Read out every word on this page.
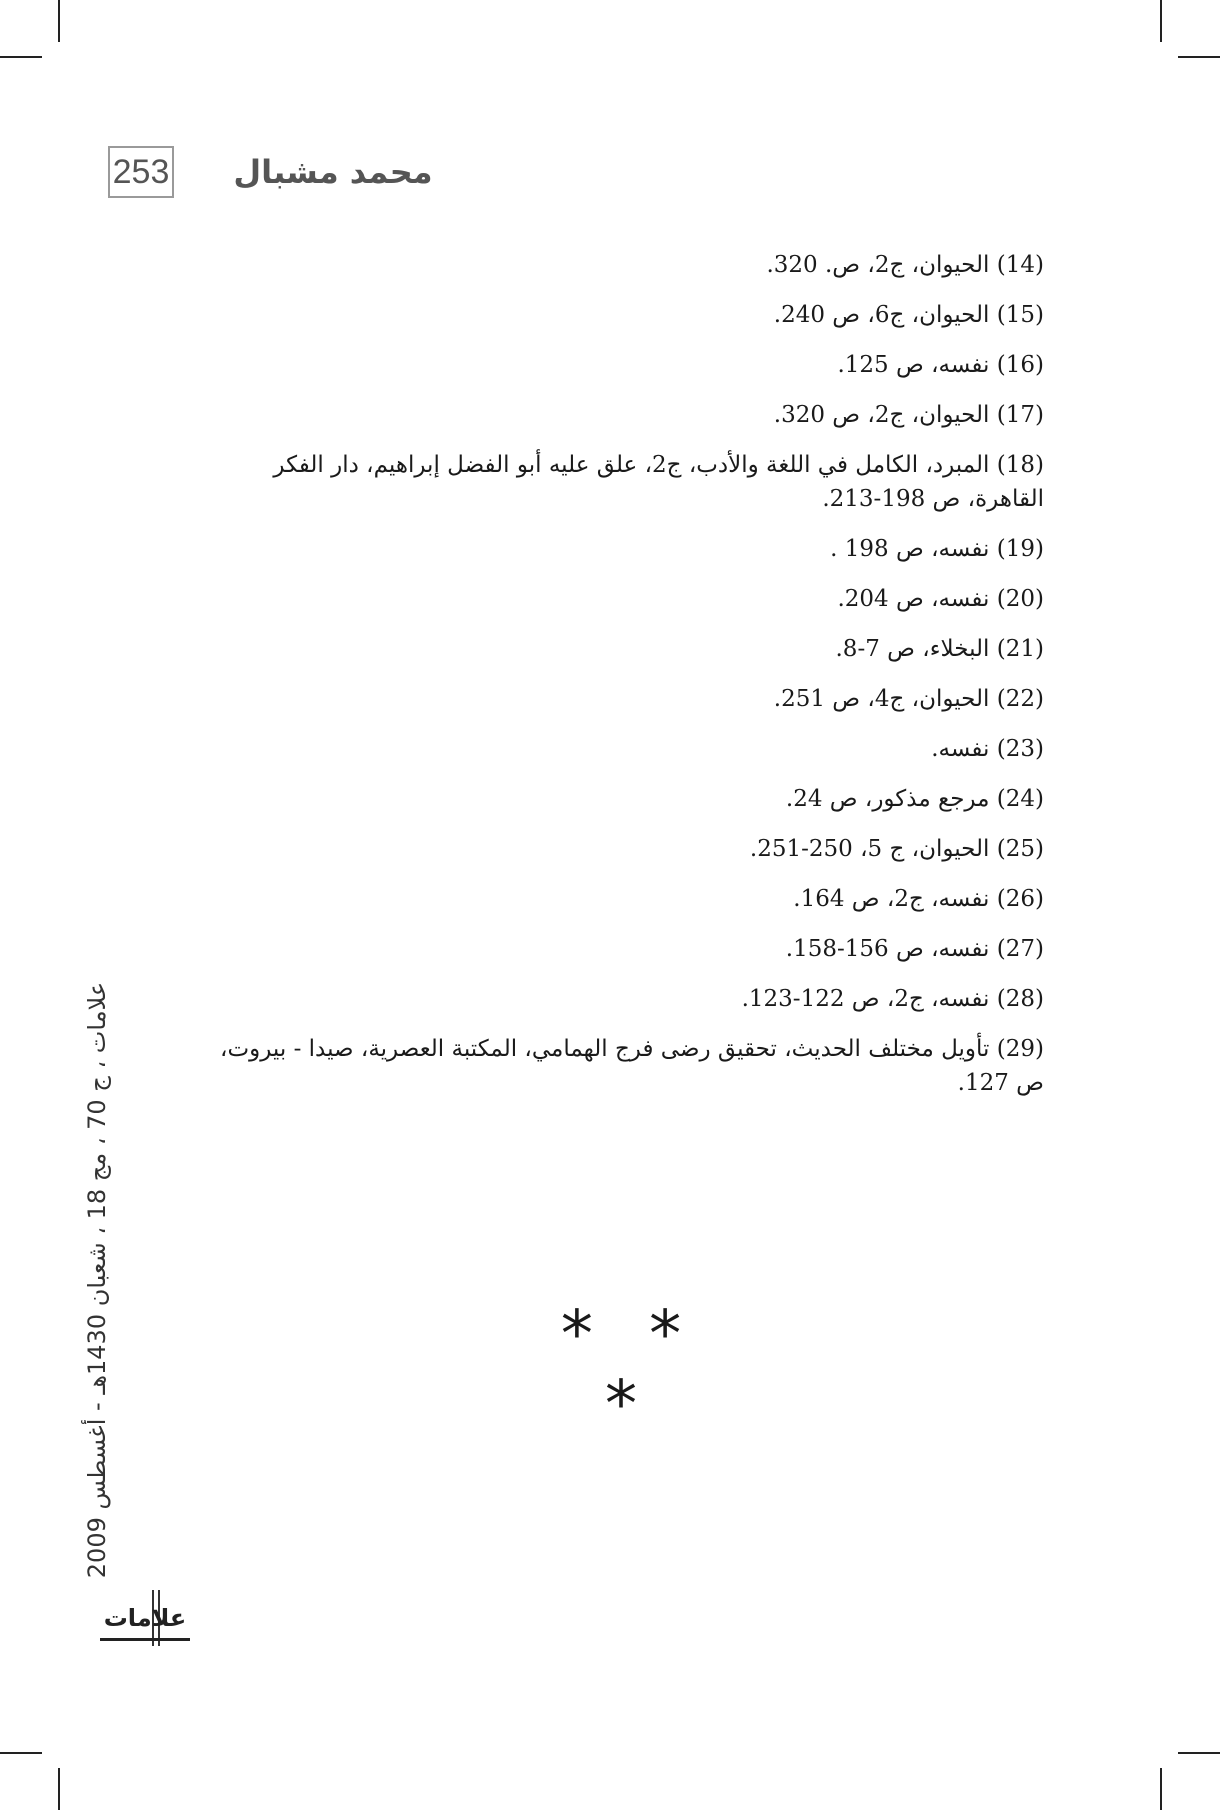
253 محمد مشبال
(14) الحيوان، ج2، ص. 320.
(15) الحيوان، ج6، ص 240.
(16) نفسه، ص 125.
(17) الحيوان، ج2، ص 320.
(18) المبرد، الكامل في اللغة والأدب، ج2، علق عليه أبو الفضل إبراهيم، دار الفكر القاهرة، ص 198-213.
(19) نفسه، ص 198 .
(20) نفسه، ص 204.
(21) البخلاء، ص 7-8.
(22) الحيوان، ج4، ص 251.
(23) نفسه.
(24) مرجع مذكور، ص 24.
(25) الحيوان، ج 5، 250-251.
(26) نفسه، ج2، ص 164.
(27) نفسه، ص 156-158.
(28) نفسه، ج2، ص 122-123.
(29) تأويل مختلف الحديث، تحقيق رضى فرج الهمامي، المكتبة العصرية، صيدا - بيروت، ص 127.
* * *
علامات ، ج 70 ، مج 18 ، شعبان 1430هـ - أغسطس 2009
علامات
